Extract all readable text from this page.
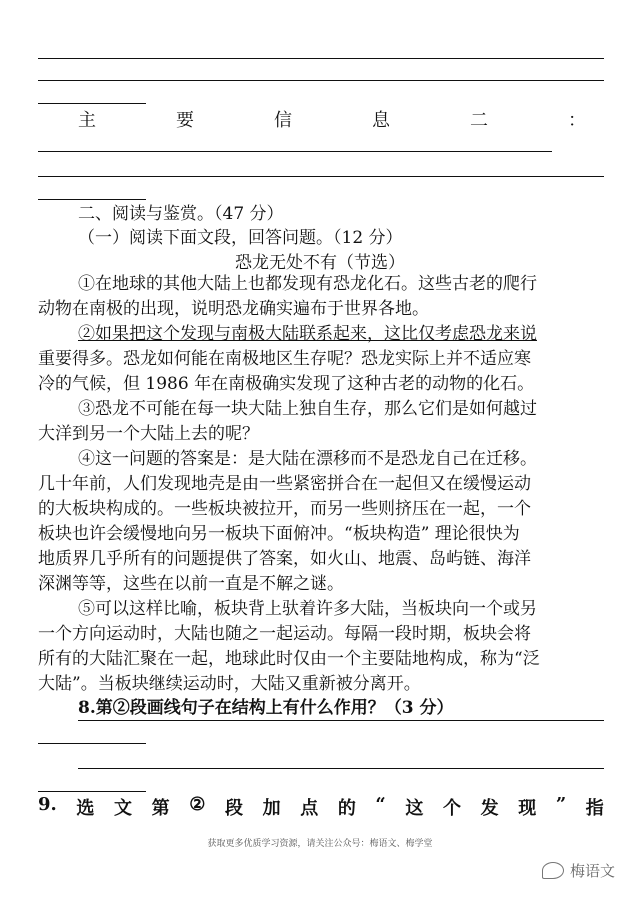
主	要	信	息	二	：
二、阅读与鉴赏。（47 分）
（一）阅读下面文段，回答问题。（12 分）
恐龙无处不有（节选）
①在地球的其他大陆上也都发现有恐龙化石。这些古老的爬行
动物在南极的出现，说明恐龙确实遍布于世界各地。
②如果把这个发现与南极大陆联系起来，这比仅考虑恐龙来说
重要得多。恐龙如何能在南极地区生存呢？恐龙实际上并不适应寒
冷的气候，但 1986 年在南极确实发现了这种古老的动物的化石。
③恐龙不可能在每一块大陆上独自生存，那么它们是如何越过
大洋到另一个大陆上去的呢？
④这一问题的答案是：是大陆在漂移而不是恐龙自己在迁移。
几十年前，人们发现地壳是由一些紧密拼合在一起但又在缓慢运动
的大板块构成的。一些板块被拉开，而另一些则挤压在一起，一个
板块也许会缓慢地向另一板块下面俯冲。“板块构造” 理论很快为
地质界几乎所有的问题提供了答案，如火山、地震、岛屿链、海洋
深渊等等，这些在以前一直是不解之谜。
⑤可以这样比喻，板块背上驮着许多大陆，当板块向一个或另
一个方向运动时，大陆也随之一起运动。每隔一段时期，板块会将
所有的大陆汇聚在一起，地球此时仅由一个主要陆地构成，称为“泛
大陆”。当板块继续运动时，大陆又重新被分离开。
8.第②段画线句子在结构上有什么作用？（3 分）
9. 选 文 第 ② 段 加 点 的 “ 这 个 发 现 ” 指
获取更多优质学习资源，请关注公众号：梅语文、梅学堂
梅语文
